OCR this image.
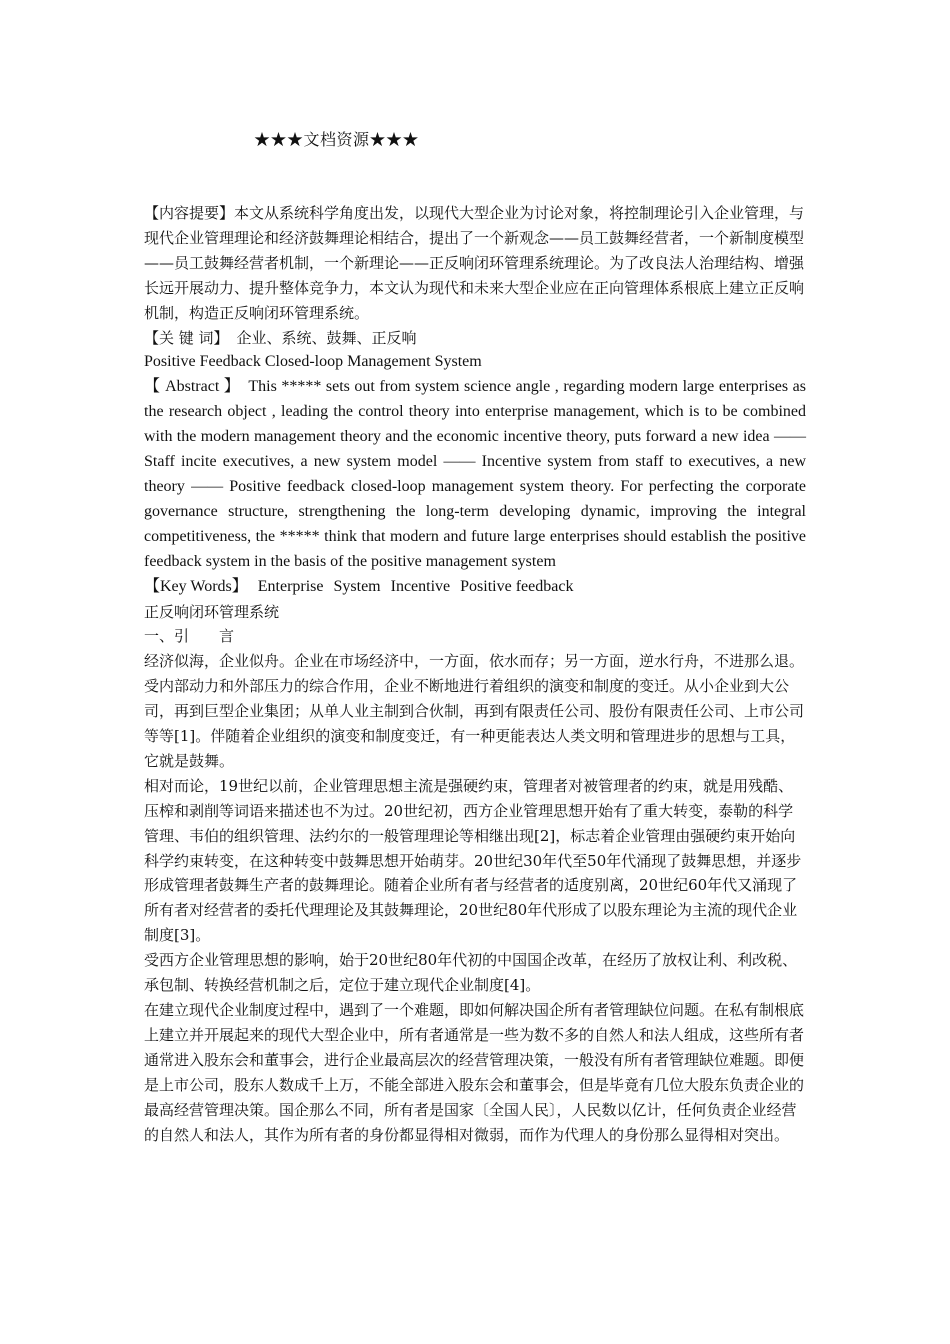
★★★文档资源★★★

【内容提要】本文从系统科学角度出发，以现代大型企业为讨论对象，将控制理论引入企业管理，与现代企业管理理论和经济鼓舞理论相结合，提出了一个新观念——员工鼓舞经营者，一个新制度模型——员工鼓舞经营者机制，一个新理论——正反响闭环管理系统理论。为了改良法人治理结构、增强长远开展动力、提升整体竞争力，本文认为现代和未来大型企业应在正向管理体系根底上建立正反响机制，构造正反响闭环管理系统。

【关 键 词】 企业、系统、鼓舞、正反响

Positive Feedback Closed-loop Management System

【 Abstract 】 This ***** sets out from system science angle , regarding modern large enterprises as the research object , leading the control theory into enterprise management, which is to be combined with the modern management theory and the economic incentive theory, puts forward a new idea —— Staff incite executives, a new system model —— Incentive system from staff to executives, a new theory —— Positive feedback closed-loop management system theory. For perfecting the corporate governance structure, strengthening the long-term developing dynamic, improving the integral competitiveness, the ***** think that modern and future large enterprises should establish the positive feedback system in the basis of the positive management system

【Key Words】 Enterprise System Incentive Positive feedback

正反响闭环管理系统

一、引　　言

经济似海，企业似舟。企业在市场经济中，一方面，依水而存；另一方面，逆水行舟，不进那么退。

受内部动力和外部压力的综合作用，企业不断地进行着组织的演变和制度的变迁。从小企业到大公司，再到巨型企业集团；从单人业主制到合伙制，再到有限责任公司、股份有限责任公司、上市公司等等[1]。伴随着企业组织的演变和制度变迁，有一种更能表达人类文明和管理进步的思想与工具，它就是鼓舞。

相对而论，19世纪以前，企业管理思想主流是强硬约束，管理者对被管理者的约束，就是用残酷、压榨和剥削等词语来描述也不为过。20世纪初，西方企业管理思想开始有了重大转变，泰勒的科学管理、韦伯的组织管理、法约尔的一般管理理论等相继出现[2]，标志着企业管理由强硬约束开始向科学约束转变，在这种转变中鼓舞思想开始萌芽。20世纪30年代至50年代涌现了鼓舞思想，并逐步形成管理者鼓舞生产者的鼓舞理论。随着企业所有者与经营者的适度别离，20世纪60年代又涌现了所有者对经营者的委托代理理论及其鼓舞理论，20世纪80年代形成了以股东理论为主流的现代企业制度[3]。

受西方企业管理思想的影响，始于20世纪80年代初的中国国企改革，在经历了放权让利、利改税、承包制、转换经营机制之后，定位于建立现代企业制度[4]。

在建立现代企业制度过程中，遇到了一个难题，即如何解决国企所有者管理缺位问题。在私有制根底上建立并开展起来的现代大型企业中，所有者通常是一些为数不多的自然人和法人组成，这些所有者通常进入股东会和董事会，进行企业最高层次的经营管理决策，一般没有所有者管理缺位难题。即便是上市公司，股东人数成千上万，不能全部进入股东会和董事会，但是毕竟有几位大股东负责企业的最高经营管理决策。国企那么不同，所有者是国家〔全国人民〕，人民数以亿计，任何负责企业经营的自然人和法人，其作为所有者的身份都显得相对微弱，而作为代理人的身份那么显得相对突出。
